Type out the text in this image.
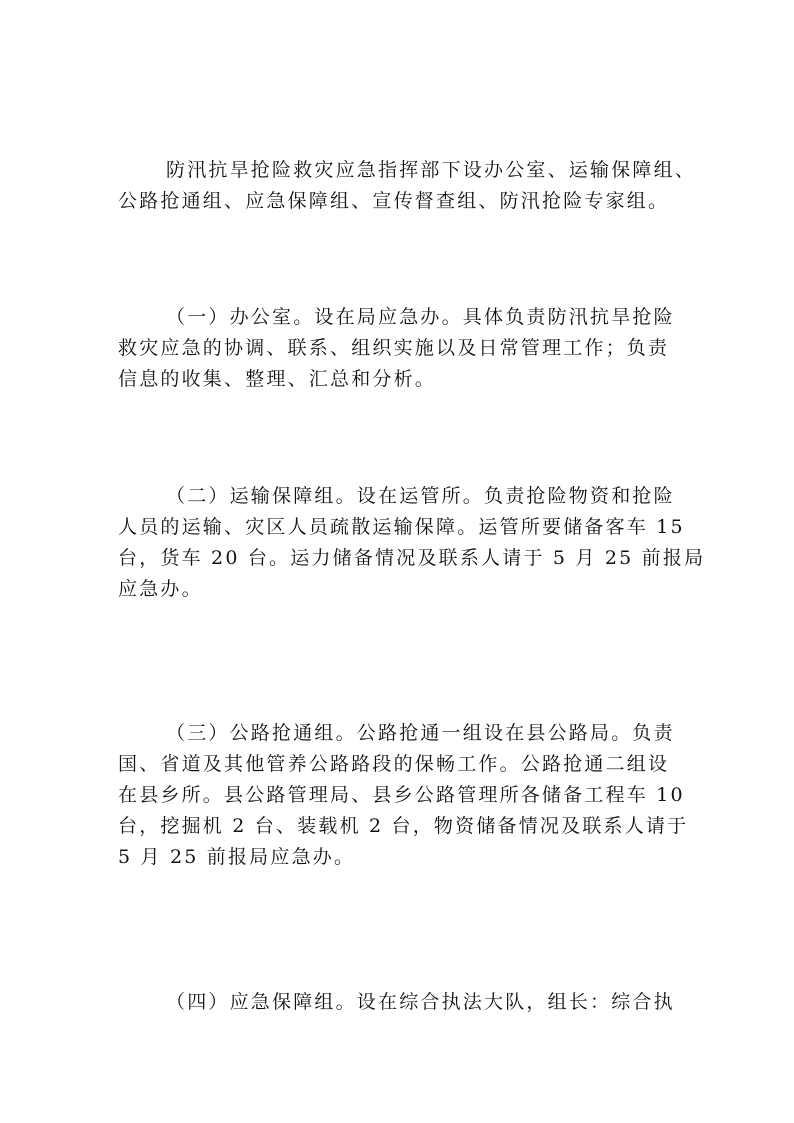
防汛抗旱抢险救灾应急指挥部下设办公室、运输保障组、
公路抢通组、应急保障组、宣传督查组、防汛抢险专家组。
（一）办公室。设在局应急办。具体负责防汛抗旱抢险
救灾应急的协调、联系、组织实施以及日常管理工作；负责
信息的收集、整理、汇总和分析。
（二）运输保障组。设在运管所。负责抢险物资和抢险
人员的运输、灾区人员疏散运输保障。运管所要储备客车 15
台，货车 20 台。运力储备情况及联系人请于 5 月 25 前报局
应急办。
（三）公路抢通组。公路抢通一组设在县公路局。负责
国、省道及其他管养公路路段的保畅工作。公路抢通二组设
在县乡所。县公路管理局、县乡公路管理所各储备工程车 10
台，挖掘机 2 台、装载机 2 台，物资储备情况及联系人请于
5 月 25 前报局应急办。
（四）应急保障组。设在综合执法大队，组长：综合执
